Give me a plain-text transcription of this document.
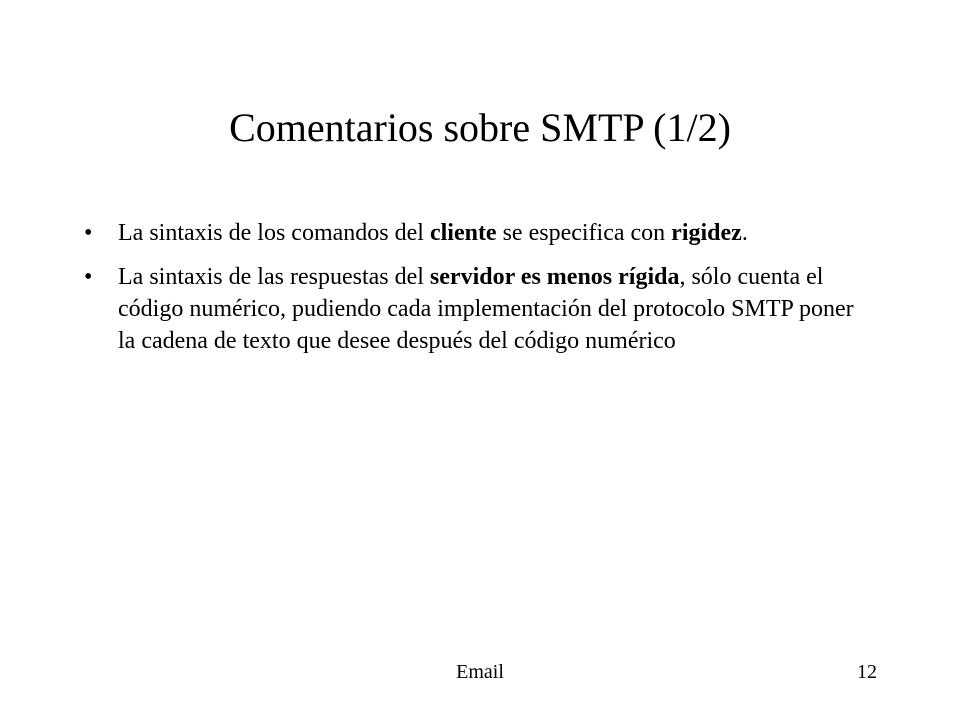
Comentarios sobre SMTP (1/2)
•	La sintaxis de los comandos del cliente se especifica con rigidez.
•	La sintaxis de las respuestas del servidor es menos rígida, sólo cuenta el código numérico, pudiendo cada implementación del protocolo SMTP poner la cadena de texto que desee después del código numérico
Email	12
